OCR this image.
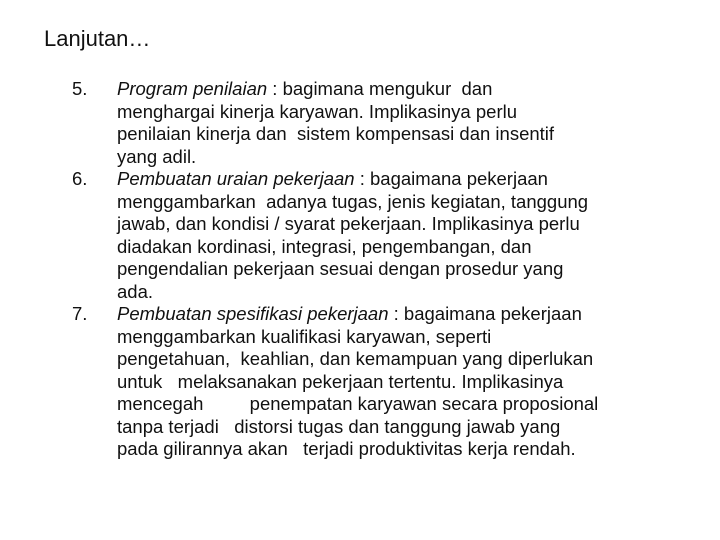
Lanjutan…
5.	Program penilaian : bagimana mengukur  dan
menghargai kinerja karyawan. Implikasinya perlu
penilaian kinerja dan  sistem kompensasi dan insentif
yang adil.
6.	Pembuatan uraian pekerjaan : bagaimana pekerjaan
menggambarkan  adanya tugas, jenis kegiatan, tanggung
jawab, dan kondisi / syarat pekerjaan. Implikasinya perlu
diadakan kordinasi, integrasi, pengembangan, dan
pengendalian pekerjaan sesuai dengan prosedur yang
ada.
7.	Pembuatan spesifikasi pekerjaan : bagaimana pekerjaan
menggambarkan kualifikasi karyawan, seperti
pengetahuan,  keahlian, dan kemampuan yang diperlukan
untuk   melaksanakan pekerjaan tertentu. Implikasinya
mencegah         penempatan karyawan secara proposional
tanpa terjadi   distorsi tugas dan tanggung jawab yang
pada gilirannya akan   terjadi produktivitas kerja rendah.
